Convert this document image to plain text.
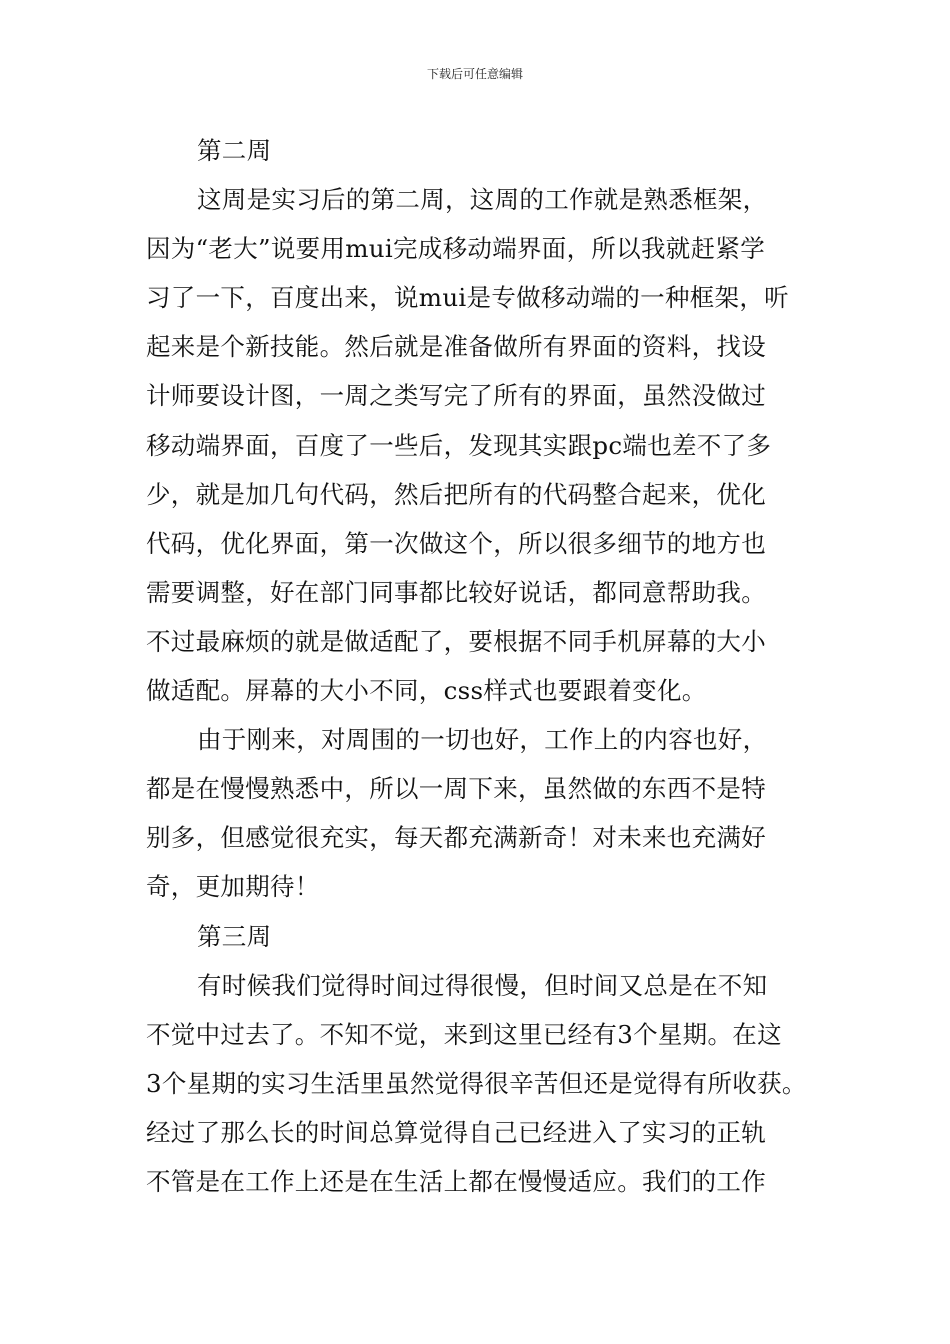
下载后可任意编辑
第二周
这周是实习后的第二周，这周的工作就是熟悉框架，
因为“老大”说要用mui完成移动端界面，所以我就赶紧学
习了一下，百度出来，说mui是专做移动端的一种框架，听
起来是个新技能。然后就是准备做所有界面的资料，找设
计师要设计图，一周之类写完了所有的界面，虽然没做过
移动端界面，百度了一些后，发现其实跟pc端也差不了多
少，就是加几句代码，然后把所有的代码整合起来，优化
代码，优化界面，第一次做这个，所以很多细节的地方也
需要调整，好在部门同事都比较好说话，都同意帮助我。
不过最麻烦的就是做适配了，要根据不同手机屏幕的大小
做适配。屏幕的大小不同，css样式也要跟着变化。
由于刚来，对周围的一切也好，工作上的内容也好，
都是在慢慢熟悉中，所以一周下来，虽然做的东西不是特
别多，但感觉很充实，每天都充满新奇！对未来也充满好
奇，更加期待！
第三周
有时候我们觉得时间过得很慢，但时间又总是在不知
不觉中过去了。不知不觉，来到这里已经有3个星期。在这
3个星期的实习生活里虽然觉得很辛苦但还是觉得有所收获。
经过了那么长的时间总算觉得自己已经进入了实习的正轨
不管是在工作上还是在生活上都在慢慢适应。我们的工作
